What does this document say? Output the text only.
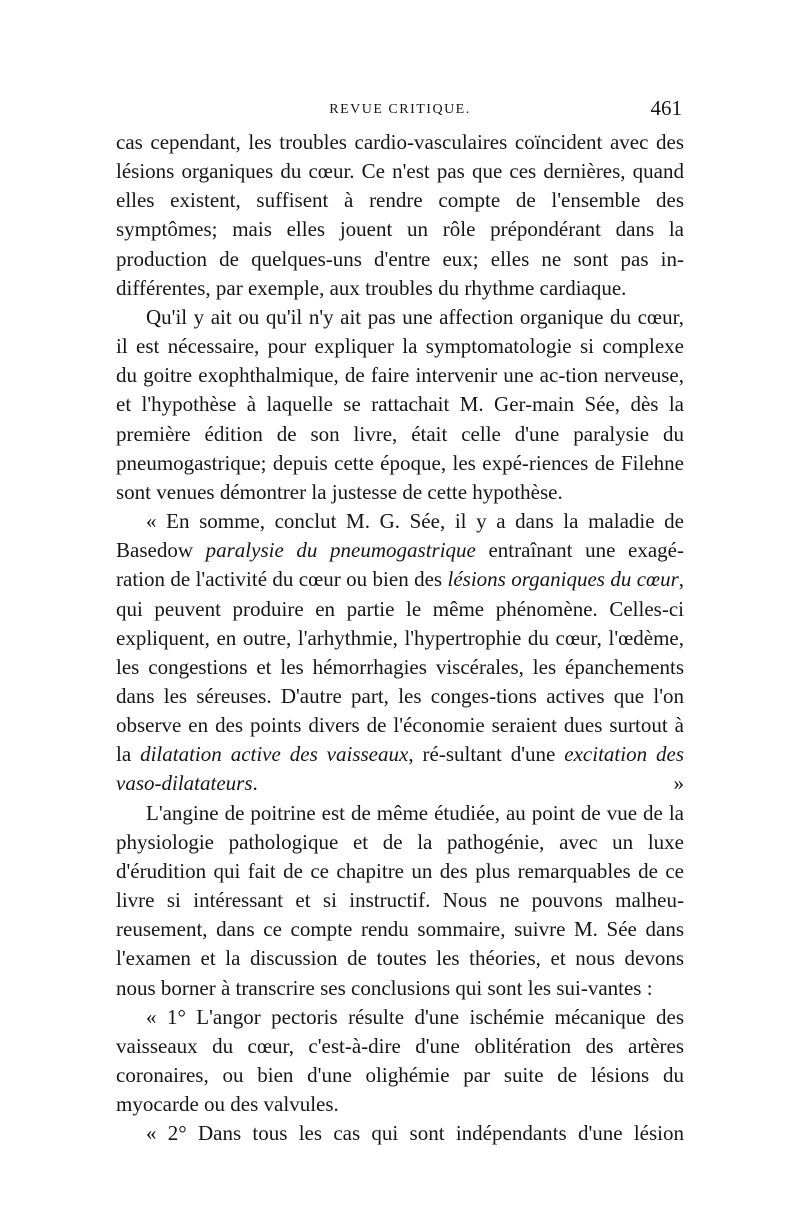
REVUE CRITIQUE.	461

cas cependant, les troubles cardio-vasculaires coïncident avec des lésions organiques du cœur. Ce n'est pas que ces dernières, quand elles existent, suffisent à rendre compte de l'ensemble des symptômes; mais elles jouent un rôle prépondérant dans la production de quelques-uns d'entre eux; elles ne sont pas in-différentes, par exemple, aux troubles du rhythme cardiaque.

Qu'il y ait ou qu'il n'y ait pas une affection organique du cœur, il est nécessaire, pour expliquer la symptomatologie si complexe du goitre exophthalmique, de faire intervenir une ac-tion nerveuse, et l'hypothèse à laquelle se rattachait M. Ger-main Sée, dès la première édition de son livre, était celle d'une paralysie du pneumogastrique; depuis cette époque, les expé-riences de Filehne sont venues démontrer la justesse de cette hypothèse.

« En somme, conclut M. G. Sée, il y a dans la maladie de Basedow paralysie du pneumogastrique entraînant une exagé-ration de l'activité du cœur ou bien des lésions organiques du cœur, qui peuvent produire en partie le même phénomène. Celles-ci expliquent, en outre, l'arhythmie, l'hypertrophie du cœur, l'œdème, les congestions et les hémorrhagies viscérales, les épanchements dans les séreuses. D'autre part, les conges-tions actives que l'on observe en des points divers de l'économie seraient dues surtout à la dilatation active des vaisseaux, ré-sultant d'une excitation des vaso-dilatateurs. »

L'angine de poitrine est de même étudiée, au point de vue de la physiologie pathologique et de la pathogénie, avec un luxe d'érudition qui fait de ce chapitre un des plus remarquables de ce livre si intéressant et si instructif. Nous ne pouvons malheu-reusement, dans ce compte rendu sommaire, suivre M. Sée dans l'examen et la discussion de toutes les théories, et nous devons nous borner à transcrire ses conclusions qui sont les sui-vantes :

« 1° L'angor pectoris résulte d'une ischémie mécanique des vaisseaux du cœur, c'est-à-dire d'une oblitération des artères coronaires, ou bien d'une olighémie par suite de lésions du myocarde ou des valvules.

« 2° Dans tous les cas qui sont indépendants d'une lésion
